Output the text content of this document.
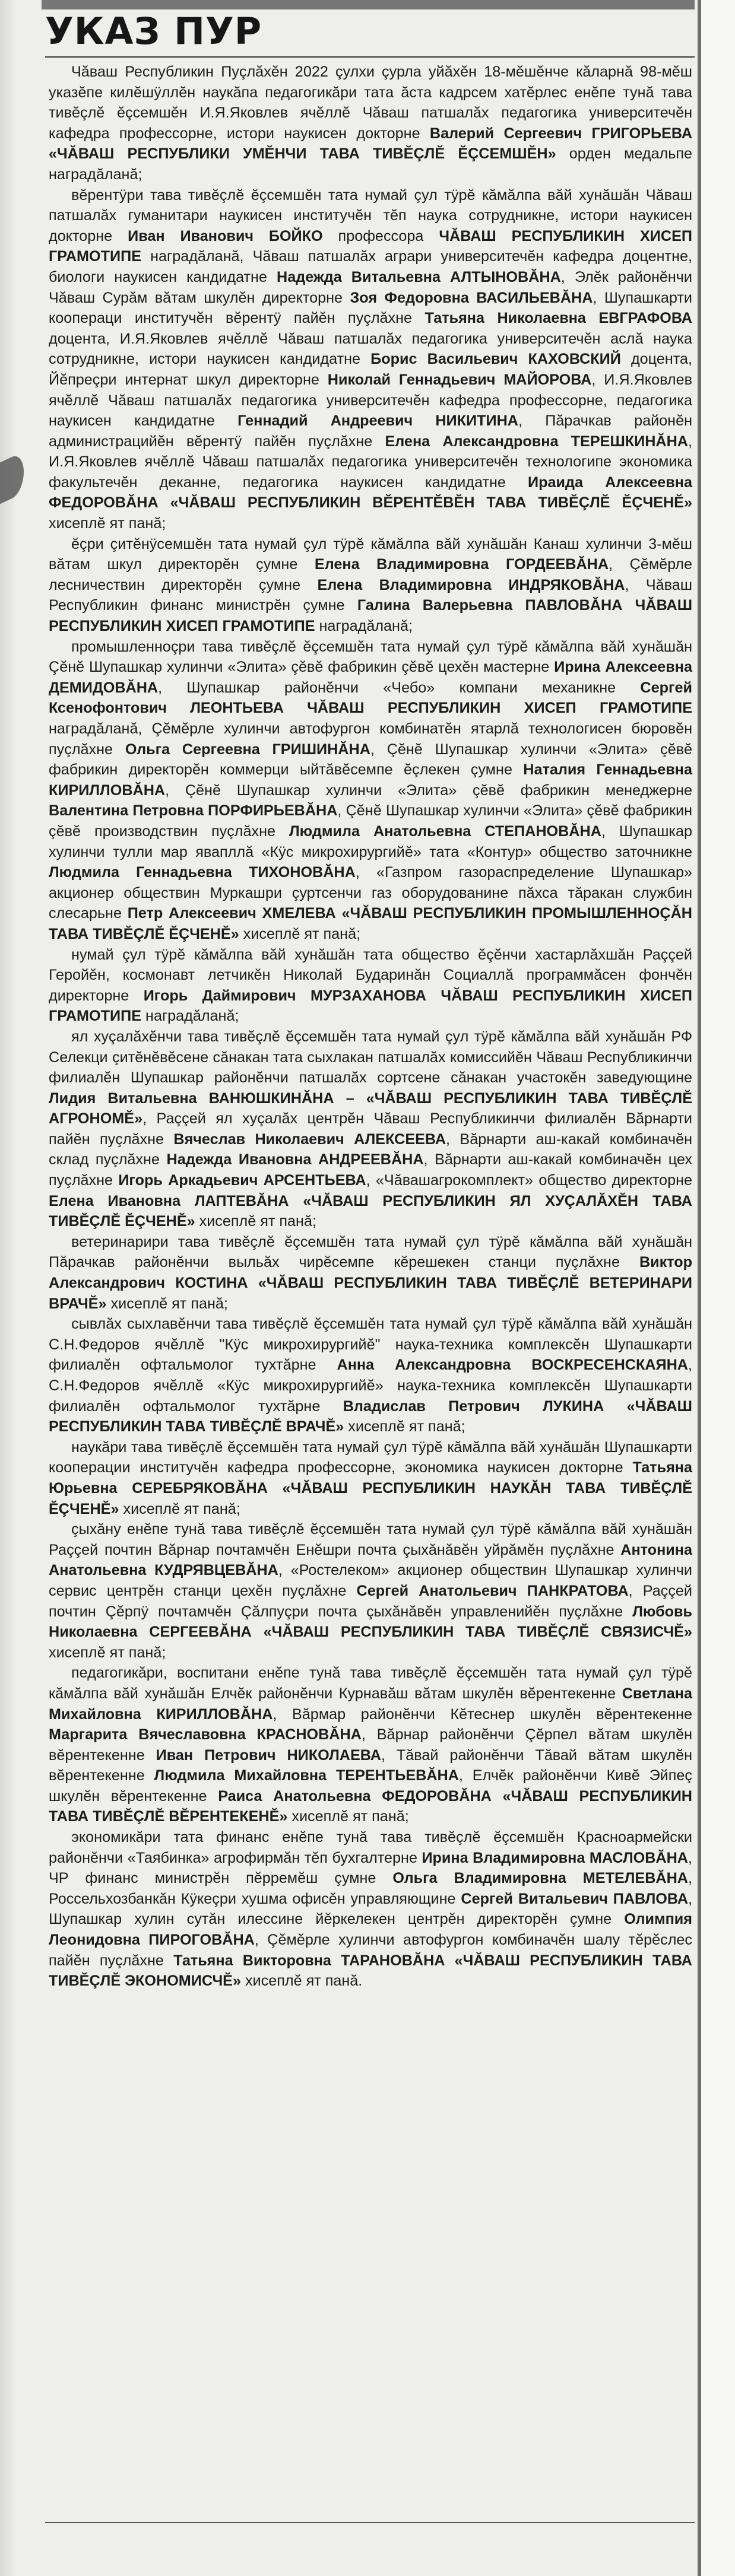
УКАЗ ПУР

Чăваш Республикин Пуçлăхĕн 2022 çулхи çурла уйăхĕн 18-мĕшĕнче кăларнă 98-мĕш указĕпе килĕшÿллĕн наукăпа педагогикăри тата ăста кадрсем хатĕрлес енĕпе тунă тава тивĕçлĕ ĕçсемшĕн И.Я.Яковлев ячĕллĕ Чăваш патшалăх педагогика университечĕн кафедра профессорне, истори наукисен докторне Валерий Сергеевич ГРИГОРЬЕВА «ЧĂВАШ РЕСПУБЛИКИ УМĔНЧИ ТАВА ТИВĔÇЛĔ ĔÇСЕМШĔН» орден медальпе наградăланă;

вĕрентÿри тава тивĕçлĕ ĕçсемшĕн тата нумай çул тÿрĕ кăмăлпа вăй хунăшăн Чăваш патшалăх гуманитари наукисен институчĕн тĕп наука сотрудникне, истори наукисен докторне Иван Иванович БОЙКО профессора ЧĂВАШ РЕСПУБЛИКИН ХИСЕП ГРАМОТИПЕ наградăланă, Чăваш патшалăх аграри университечĕн кафедра доцентне, биологи наукисен кандидатне Надежда Витальевна АЛТЫНОВĂНА, Элĕк районĕнчи Чăваш Сурăм вăтам шкулĕн директорне Зоя Федоровна ВАСИЛЬЕВĂНА, Шупашкарти коопераци институчĕн вĕрентÿ пайĕн пуçлăхне Татьяна Николаевна ЕВГРАФОВА доцента, И.Я.Яковлев ячĕллĕ Чăваш патшалăх педагогика университечĕн аслă наука сотрудникне, истори наукисен кандидатне Борис Васильевич КАХОВСКИЙ доцента, Йĕпреçри интернат шкул директорне Николай Геннадьевич МАЙОРОВА, И.Я.Яковлев ячĕллĕ Чăваш патшалăх педагогика университечĕн кафедра профессорне, педагогика наукисен кандидатне Геннадий Андреевич НИКИТИНА, Пăрачкав районĕн администрацийĕн вĕрентÿ пайĕн пуçлăхне Елена Александровна ТЕРЕШКИНĂНА, И.Я.Яковлев ячĕллĕ Чăваш патшалăх педагогика университечĕн технологипе экономика факультечĕн деканне, педагогика наукисен кандидатне Ираида Алексеевна ФЕДОРОВĂНА «ЧĂВАШ РЕСПУБЛИКИН ВĔРЕНТĔВĔН ТАВА ТИВĔÇЛĔ ĔÇЧЕНĔ» хисеплĕ ят панă;

ĕçри çитĕнÿсемшĕн тата нумай çул тÿрĕ кăмăлпа вăй хунăшăн Канаш хулинчи 3-мĕш вăтам шкул директорĕн çумне Елена Владимировна ГОРДЕЕВĂНА, Çĕмĕрле лесничествин директорĕн çумне Елена Владимировна ИНДРЯКОВĂНА, Чăваш Республикин финанс министрĕн çумне Галина Валерьевна ПАВЛОВĂНА ЧĂВАШ РЕСПУБЛИКИН ХИСЕП ГРАМОТИПЕ наградăланă;

промышленноçри тава тивĕçлĕ ĕçсемшĕн тата нумай çул тÿрĕ кăмăлпа вăй хунăшăн Çĕнĕ Шупашкар хулинчи «Элита» çĕвĕ фабрикин çĕвĕ цехĕн мастерне Ирина Алексеевна ДЕМИДОВĂНА, Шупашкар районĕнчи «Чебо» компани механикне Сергей Ксенофонтович ЛЕОНТЬЕВА ЧĂВАШ РЕСПУБЛИКИН ХИСЕП ГРАМОТИПЕ наградăланă, Çĕмĕрле хулинчи автофургон комбинатĕн ятарлă технологисен бюровĕн пуçлăхне Ольга Сергеевна ГРИШИНĂНА, Çĕнĕ Шупашкар хулинчи «Элита» çĕвĕ фабрикин директорĕн коммерци ыйтăвĕсемпе ĕçлекен çумне Наталия Геннадьевна КИРИЛЛОВĂНА, Çĕнĕ Шупашкар хулинчи «Элита» çĕвĕ фабрикин менеджерне Валентина Петровна ПОРФИРЬЕВĂНА, Çĕнĕ Шупашкар хулинчи «Элита» çĕвĕ фабрикин çĕвĕ производствин пуçлăхне Людмила Анатольевна СТЕПАНОВĂНА, Шупашкар хулинчи тулли мар явапллă «Кÿс микрохирургийĕ» тата «Контур» общество заточникне Людмила Геннадьевна ТИХОНОВĂНА, «Газпром газораспределение Шупашкар» акционер обществин Муркашри çуртсенчи газ оборудованине пăхса тăракан службин слесарьне Петр Алексеевич ХМЕЛЕВА «ЧĂВАШ РЕСПУБЛИКИН ПРОМЫШЛЕННОÇĂН ТАВА ТИВĔÇЛĔ ĔÇЧЕНĔ» хисеплĕ ят панă;

нумай çул тÿрĕ кăмăлпа вăй хунăшăн тата общество ĕçĕнчи хастарлăхшăн Раççей Геройĕн, космонавт летчикĕн Николай Бударинăн Социаллă программăсен фончĕн директорне Игорь Даймирович МУРЗАХАНОВА ЧĂВАШ РЕСПУБЛИКИН ХИСЕП ГРАМОТИПЕ наградăланă;

ял хуçалăхĕнчи тава тивĕçлĕ ĕçсемшĕн тата нумай çул тÿрĕ кăмăлпа вăй хунăшăн РФ Селекци çитĕнĕвĕсене сăнакан тата сыхлакан патшалăх комиссийĕн Чăваш Республикинчи филиалĕн Шупашкар районĕнчи патшалăх сортсене сăнакан участокĕн заведующине Лидия Витальевна ВАНЮШКИНĂНА – «ЧĂВАШ РЕСПУБЛИКИН ТАВА ТИВĔÇЛĔ АГРОНОМĔ», Раççей ял хуçалăх центрĕн Чăваш Республикинчи филиалĕн Вăрнарти пайĕн пуçлăхне Вячеслав Николаевич АЛЕКСЕЕВА, Вăрнарти аш-какай комбиначĕн склад пуçлăхне Надежда Ивановна АНДРЕЕВĂНА, Вăрнарти аш-какай комбиначĕн цех пуçлăхне Игорь Аркадьевич АРСЕНТЬЕВА, «Чăвашагрокомплект» общество директорне Елена Ивановна ЛАПТЕВĂНА «ЧĂВАШ РЕСПУБЛИКИН ЯЛ ХУÇАЛĂХĔН ТАВА ТИВĔÇЛĔ ĔÇЧЕНĔ» хисеплĕ ят панă;

ветеринарири тава тивĕçлĕ ĕçсемшĕн тата нумай çул тÿрĕ кăмăлпа вăй хунăшăн Пăрачкав районĕнчи выльăх чирĕсемпе кĕрешекен станци пуçлăхне Виктор Александрович КОСТИНА «ЧĂВАШ РЕСПУБЛИКИН ТАВА ТИВĔÇЛĔ ВЕТЕРИНАРИ ВРАЧĔ» хисеплĕ ят панă;

сывлăх сыхлавĕнчи тава тивĕçлĕ ĕçсемшĕн тата нумай çул тÿрĕ кăмăлпа вăй хунăшăн С.Н.Федоров ячĕллĕ "Кÿс микрохирургийĕ" наука-техника комплексĕн Шупашкарти филиалĕн офтальмолог тухтăрне Анна Александровна ВОСКРЕСЕНСКАЯНА, С.Н.Федоров ячĕллĕ «Кÿс микрохирургийĕ» наука-техника комплексĕн Шупашкарти филиалĕн офтальмолог тухтăрне Владислав Петрович ЛУКИНА «ЧĂВАШ РЕСПУБЛИКИН ТАВА ТИВĔÇЛĔ ВРАЧĔ» хисеплĕ ят панă;

наукăри тава тивĕçлĕ ĕçсемшĕн тата нумай çул тÿрĕ кăмăлпа вăй хунăшăн Шупашкарти кооперации институчĕн кафедра профессорне, экономика наукисен докторне Татьяна Юрьевна СЕРЕБРЯКОВĂНА «ЧĂВАШ РЕСПУБЛИКИН НАУКĂН ТАВА ТИВĔÇЛĔ ĔÇЧЕНĔ» хисеплĕ ят панă;

çыхăну енĕпе тунă тава тивĕçлĕ ĕçсемшĕн тата нумай çул тÿрĕ кăмăлпа вăй хунăшăн Раççей почтин Вăрнар почтамчĕн Енĕшри почта çыхăнăвĕн уйрăмĕн пуçлăхне Антонина Анатольевна КУДРЯВЦЕВĂНА, «Ростелеком» акционер обществин Шупашкар хулинчи сервис центрĕн станци цехĕн пуçлăхне Сергей Анатольевич ПАНКРАТОВА, Раççей почтин Çĕрпÿ почтамчĕн Çăлпуçри почта çыхăнăвĕн управленийĕн пуçлăхне Любовь Николаевна СЕРГЕЕВĂНА «ЧĂВАШ РЕСПУБЛИКИН ТАВА ТИВĔÇЛĔ СВЯЗИСЧĔ» хисеплĕ ят панă;

педагогикăри, воспитани енĕпе тунă тава тивĕçлĕ ĕçсемшĕн тата нумай çул тÿрĕ кăмăлпа вăй хунăшăн Елчĕк районĕнчи Курнавăш вăтам шкулĕн вĕрентекенне Светлана Михайловна КИРИЛЛОВĂНА, Вăрмар районĕнчи Кĕтеснер шкулĕн вĕрентекенне Маргарита Вячеславовна КРАСНОВĂНА, Вăрнар районĕнчи Çĕрпел вăтам шкулĕн вĕрентекенне Иван Петрович НИКОЛАЕВА, Тăвай районĕнчи Тăвай вăтам шкулĕн вĕрентекенне Людмила Михайловна ТЕРЕНТЬЕВĂНА, Елчĕк районĕнчи Кивĕ Эйпеç шкулĕн вĕрентекенне Раиса Анатольевна ФЕДОРОВĂНА «ЧĂВАШ РЕСПУБЛИКИН ТАВА ТИВĔÇЛĔ ВĔРЕНТЕКЕНĔ» хисеплĕ ят панă;

экономикăри тата финанс енĕпе тунă тава тивĕçлĕ ĕçсемшĕн Красноармейски районĕнчи «Таябинка» агрофирмăн тĕп бухгалтерне Ирина Владимировна МАСЛОВĂНА, ЧР финанс министрĕн пĕрремĕш çумне Ольга Владимировна МЕТЕЛЕВĂНА, Россельхозбанкăн Кÿкеçри хушма офисĕн управляющине Сергей Витальевич ПАВЛОВА, Шупашкар хулин сутăн илессине йĕркелекен центрĕн директорĕн çумне Олимпия Леонидовна ПИРОГОВĂНА, Çĕмĕрле хулинчи автофургон комбиначĕн шалу тĕрĕслес пайĕн пуçлăхне Татьяна Викторовна ТАРАНОВĂНА «ЧĂВАШ РЕСПУБЛИКИН ТАВА ТИВĔÇЛĔ ЭКОНОМИСЧĔ» хисеплĕ ят панă.
